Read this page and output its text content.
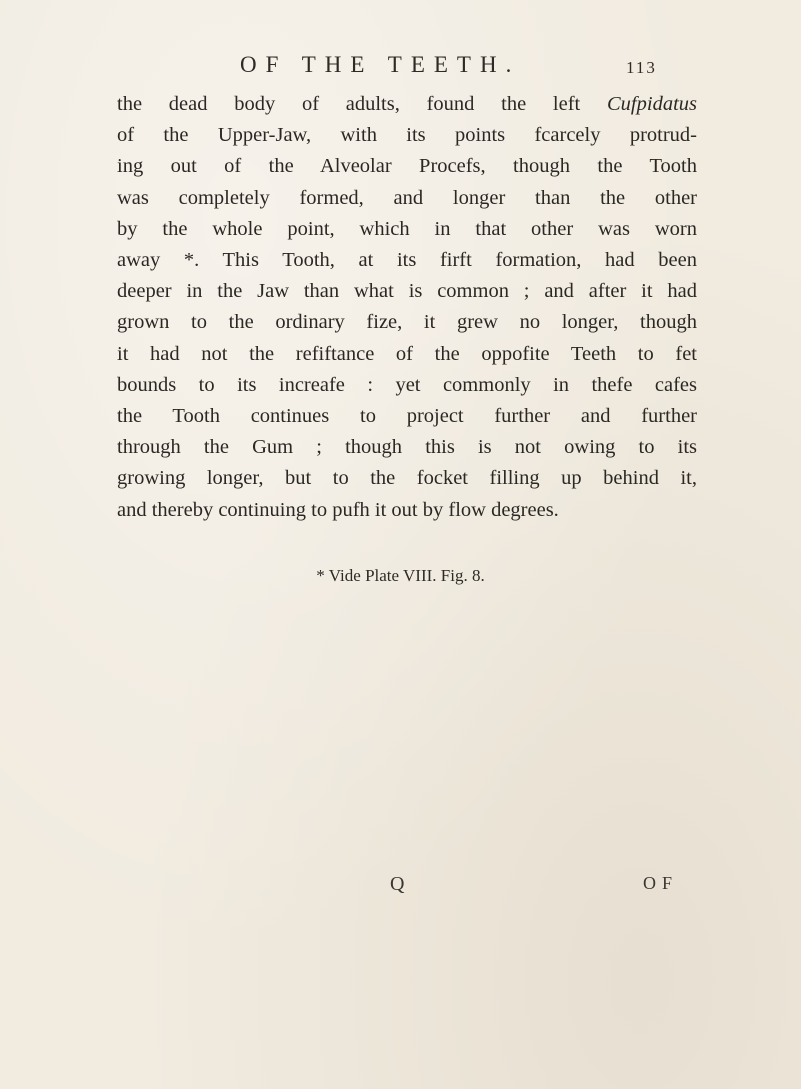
OF THE TEETH.	113
the dead body of adults, found the left Cufpidatus
of the Upper-Jaw, with its points fcarcely protrud-
ing out of the Alveolar Procefs, though the Tooth
was completely formed, and longer than the other
by the whole point, which in that other was worn
away *. This Tooth, at its firft formation, had been
deeper in the Jaw than what is common ; and after it had
grown to the ordinary fize, it grew no longer, though
it had not the refiftance of the oppofite Teeth to fet
bounds to its increafe : yet commonly in thefe cafes
the Tooth continues to project further and further
through the Gum ; though this is not owing to its
growing longer, but to the focket filling up behind it,
and thereby continuing to pufh it out by flow degrees.
* Vide Plate VIII. Fig. 8.
Q	OF
